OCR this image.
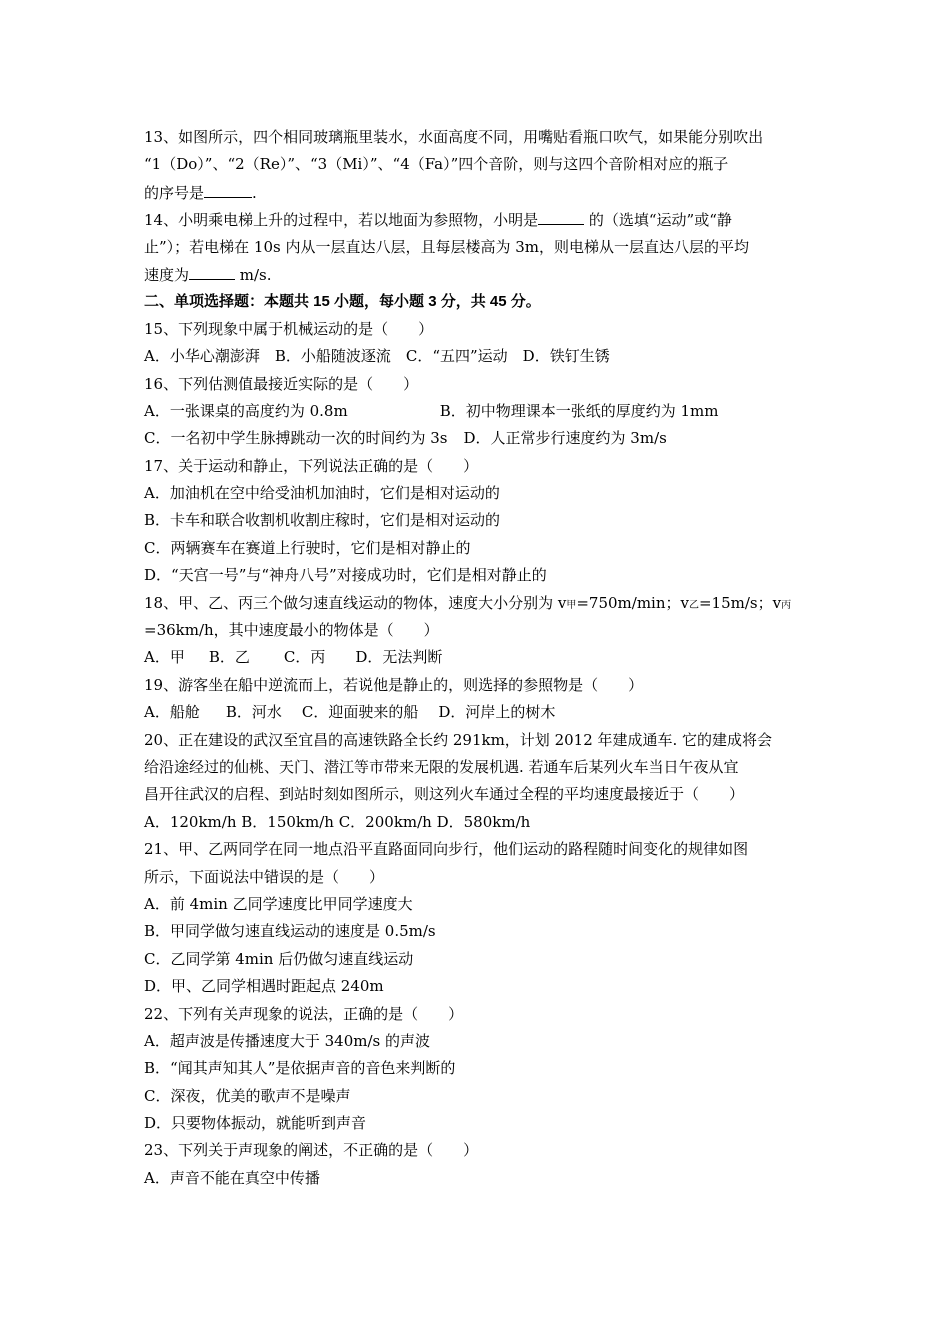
13、如图所示，四个相同玻璃瓶里装水，水面高度不同，用嘴贴看瓶口吹气，如果能分别吹出
“1（Do）”、“2（Re）”、“3（Mi）”、“4（Fa）”四个音阶，则与这四个音阶相对应的瓶子
的序号是	.
14、小明乘电梯上升的过程中，若以地面为参照物，小明是	的（选填“运动”或“静
止”）；若电梯在 10s 内从一层直达八层，且每层楼高为 3m，则电梯从一层直达八层的平均
速度为	m/s.
二、单项选择题：本题共 15 小题，每小题 3 分，共 45 分。
15、下列现象中属于机械运动的是（　　）
A．小华心潮澎湃　B．小船随波逐流　C．“五四”运动　D．铁钉生锈
16、下列估测值最接近实际的是（　　）
A．一张课桌的高度约为 0.8m	B．初中物理课本一张纸的厚度约为 1mm
C．一名初中学生脉搏跳动一次的时间约为 3s D．人正常步行速度约为 3m/s
17、关于运动和静止，下列说法正确的是（　　）
A．加油机在空中给受油机加油时，它们是相对运动的
B．卡车和联合收割机收割庄稼时，它们是相对运动的
C．两辆赛车在赛道上行驶时，它们是相对静止的
D．“天宫一号”与“神舟八号”对接成功时，它们是相对静止的
18、甲、乙、丙三个做匀速直线运动的物体，速度大小分别为 v甲=750m/min；v乙=15m/s；v丙
=36km/h，其中速度最小的物体是（　　）
A．甲 B．乙 C．丙 D．无法判断
19、游客坐在船中逆流而上，若说他是静止的，则选择的参照物是（　　）
A．船舱 B．河水 C．迎面驶来的船 D．河岸上的树木
20、正在建设的武汉至宜昌的高速铁路全长约 291km，计划 2012 年建成通车. 它的建成将会
给沿途经过的仙桃、天门、潜江等市带来无限的发展机遇. 若通车后某列火车当日午夜从宜
昌开往武汉的启程、到站时刻如图所示，则这列火车通过全程的平均速度最接近于（　　）
A．120km/h B．150km/h C．200km/h D．580km/h
21、甲、乙两同学在同一地点沿平直路面同向步行，他们运动的路程随时间变化的规律如图
所示，下面说法中错误的是（　　）
A．前 4min 乙同学速度比甲同学速度大
B．甲同学做匀速直线运动的速度是 0.5m/s
C．乙同学第 4min 后仍做匀速直线运动
D．甲、乙同学相遇时距起点 240m
22、下列有关声现象的说法，正确的是（　　）
A．超声波是传播速度大于 340m/s 的声波
B．“闻其声知其人”是依据声音的音色来判断的
C．深夜，优美的歌声不是噪声
D．只要物体振动，就能听到声音
23、下列关于声现象的阐述，不正确的是（　　）
A．声音不能在真空中传播
